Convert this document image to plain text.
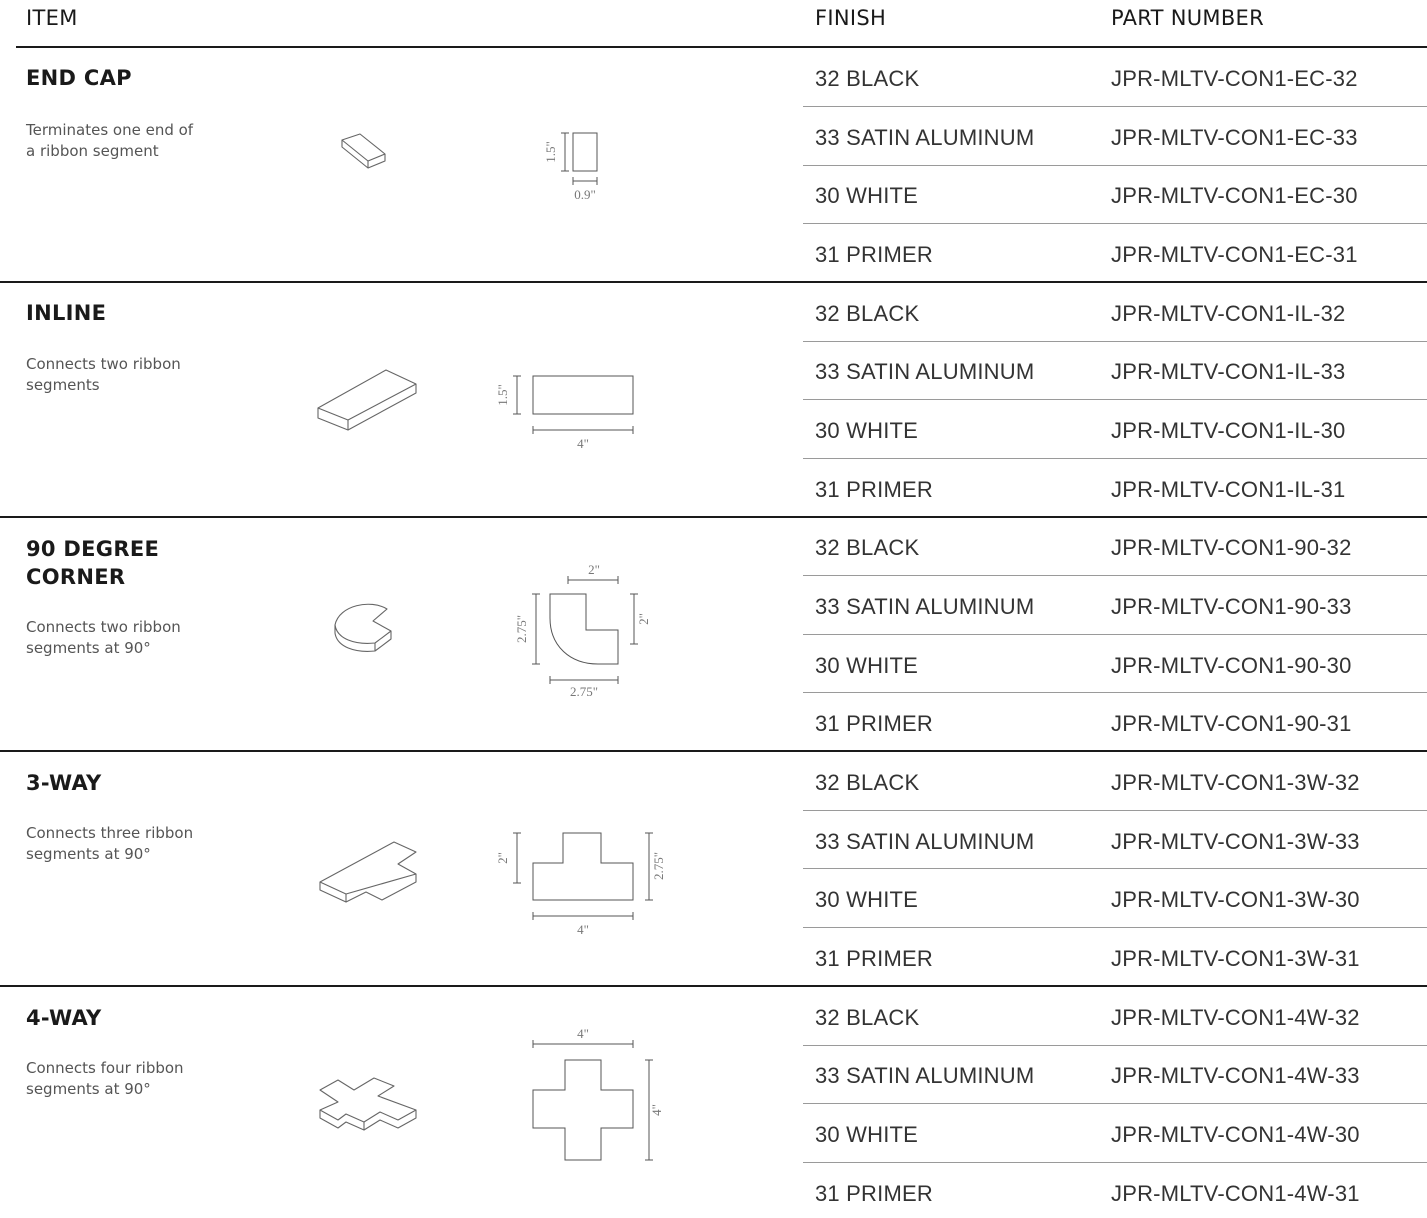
ITEM	FINISH	PART NUMBER
END CAP
Terminates one end of a ribbon segment	1.5"
0.9"
32 BLACK	JPR-MLTV-CON1-EC-32
33 SATIN ALUMINUM	JPR-MLTV-CON1-EC-33
30 WHITE	JPR-MLTV-CON1-EC-30
31 PRIMER	JPR-MLTV-CON1-EC-31
INLINE
Connects two ribbon segments	1.5"
4"
32 BLACK	JPR-MLTV-CON1-IL-32
33 SATIN ALUMINUM	JPR-MLTV-CON1-IL-33
30 WHITE	JPR-MLTV-CON1-IL-30
31 PRIMER	JPR-MLTV-CON1-IL-31
90 DEGREE CORNER
Connects two ribbon segments at 90°
2"
2.75"	2"
2.75"
32 BLACK	JPR-MLTV-CON1-90-32
33 SATIN ALUMINUM	JPR-MLTV-CON1-90-33
30 WHITE	JPR-MLTV-CON1-90-30
31 PRIMER	JPR-MLTV-CON1-90-31
3-WAY
Connects three ribbon segments at 90°	2"	2.75"
4"
32 BLACK	JPR-MLTV-CON1-3W-32
33 SATIN ALUMINUM	JPR-MLTV-CON1-3W-33
30 WHITE	JPR-MLTV-CON1-3W-30
31 PRIMER	JPR-MLTV-CON1-3W-31
4-WAY
Connects four ribbon segments at 90°
4"
4"
32 BLACK	JPR-MLTV-CON1-4W-32
33 SATIN ALUMINUM	JPR-MLTV-CON1-4W-33
30 WHITE	JPR-MLTV-CON1-4W-30
31 PRIMER	JPR-MLTV-CON1-4W-31
